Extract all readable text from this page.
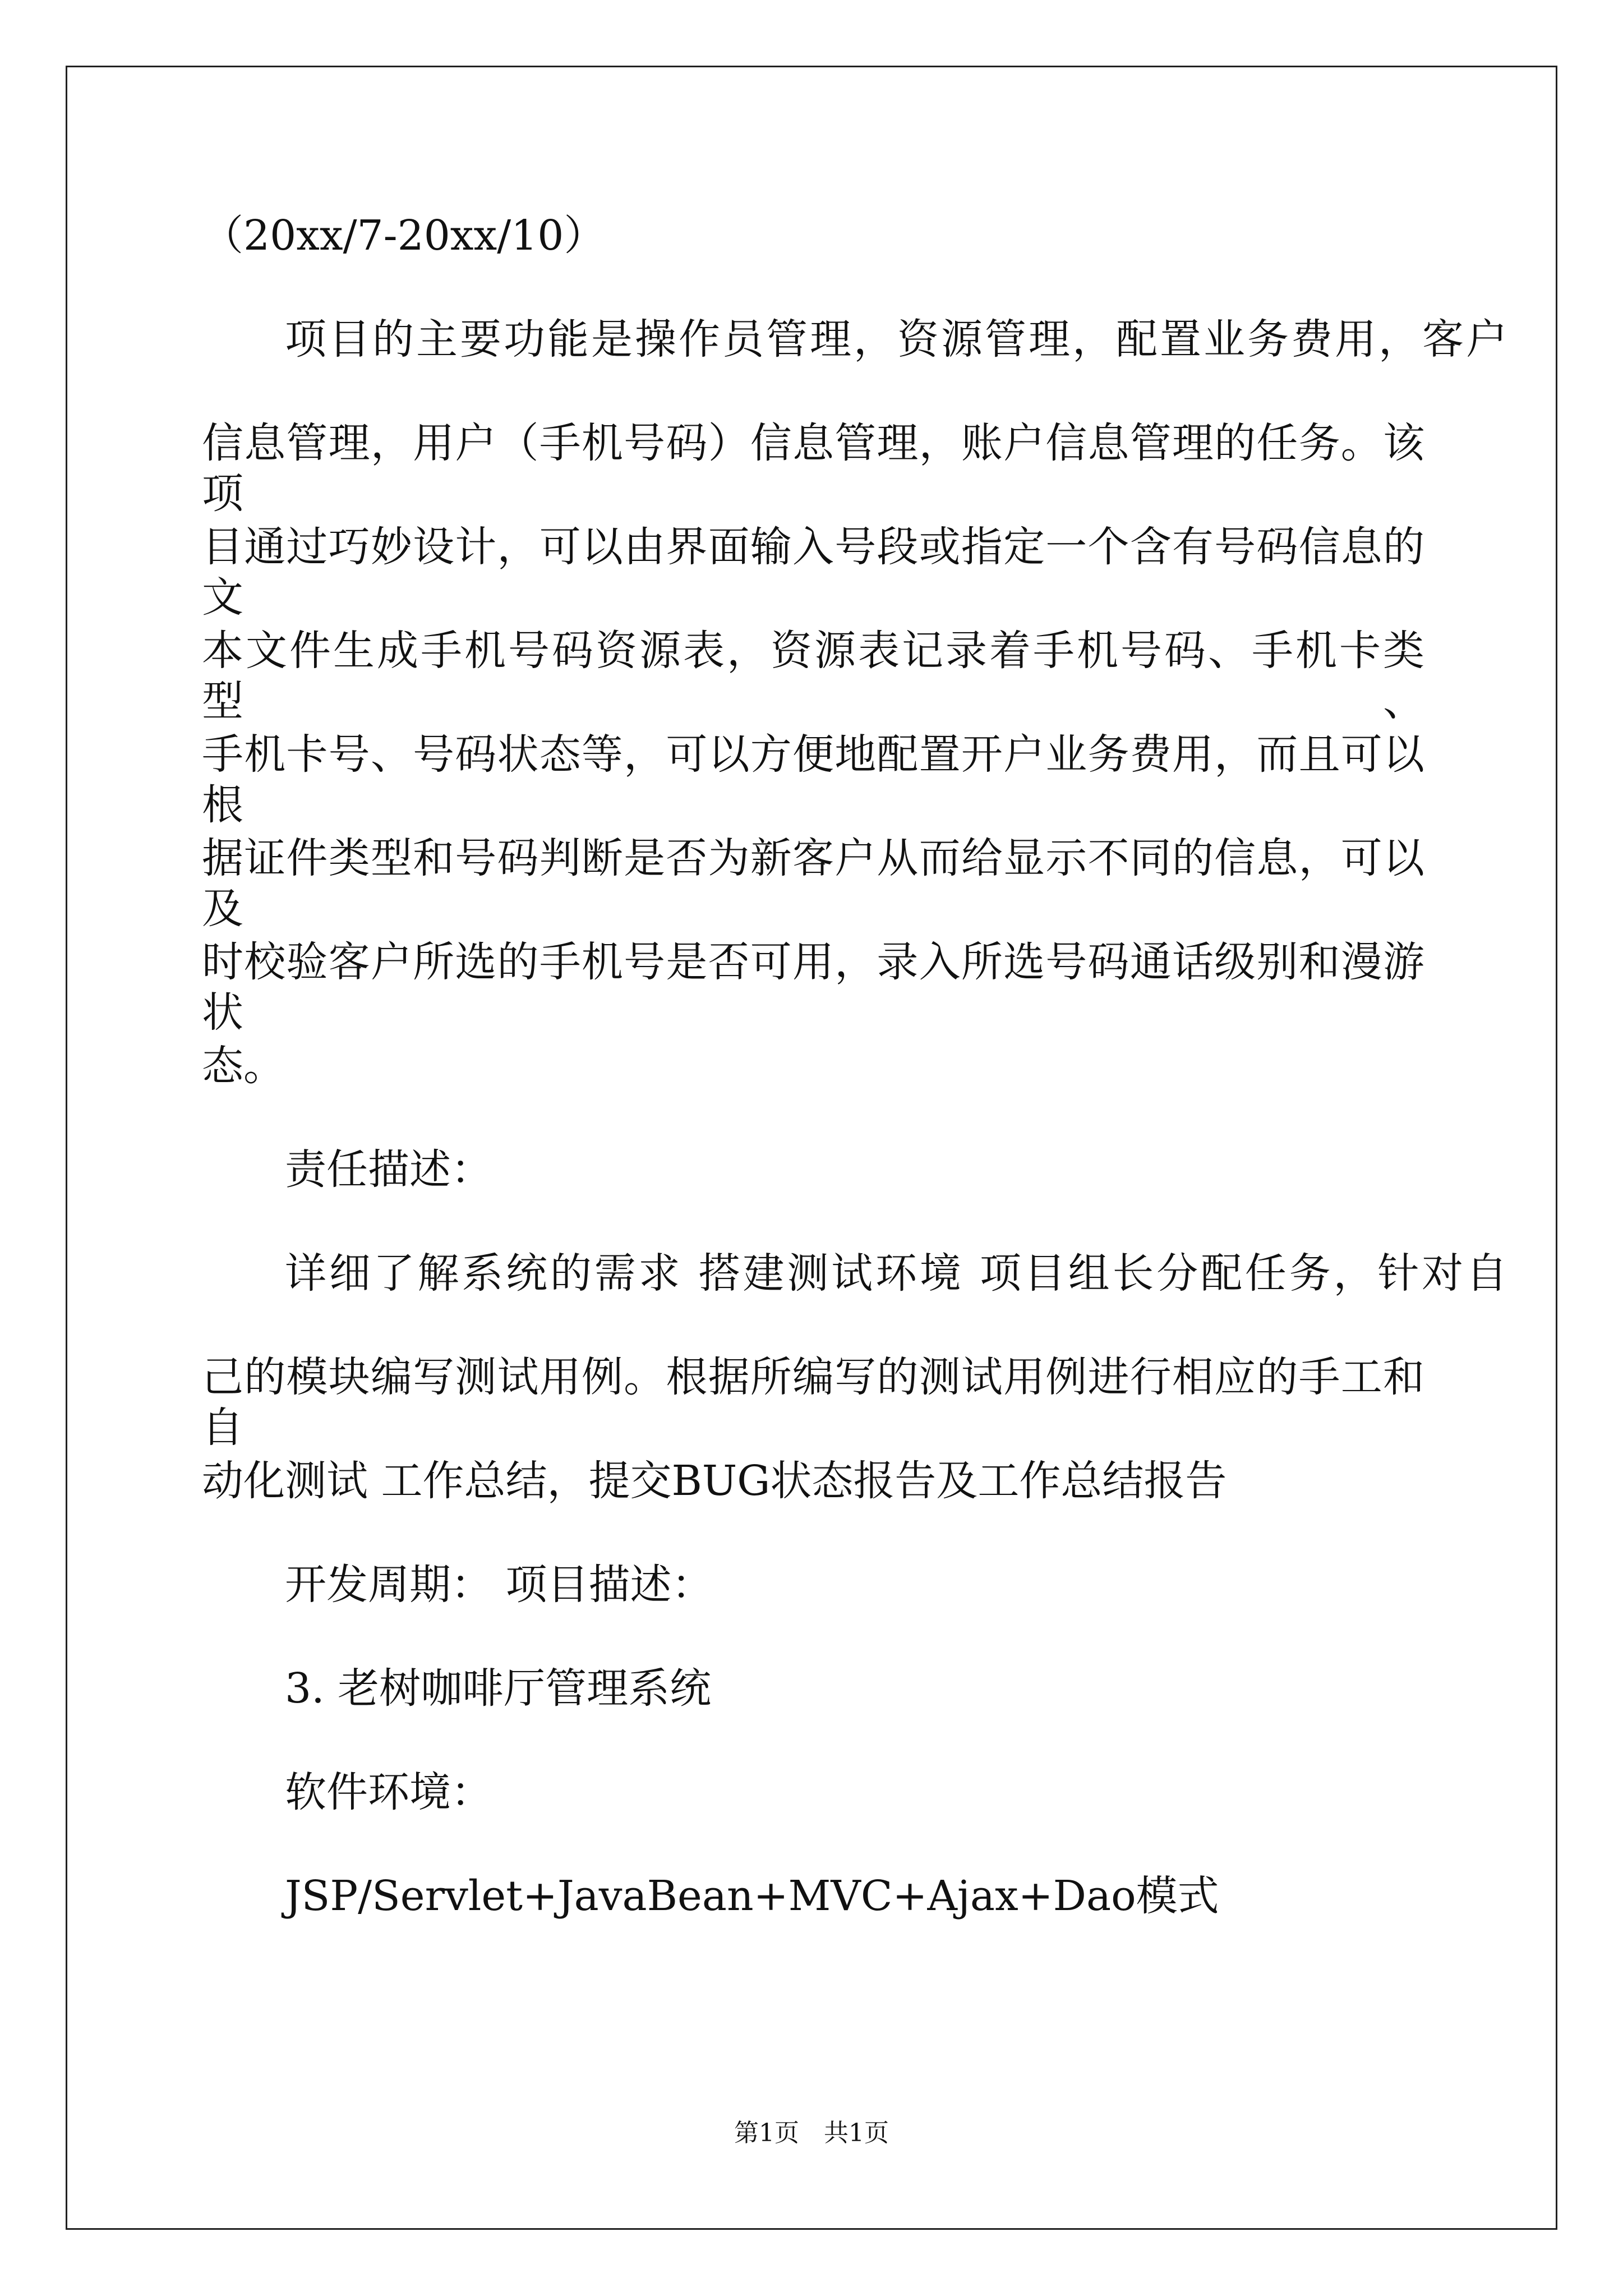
（20xx/7-20xx/10）
项目的主要功能是操作员管理，资源管理，配置业务费用，客户
信息管理，用户（手机号码）信息管理，账户信息管理的任务。该项
目通过巧妙设计，可以由界面输入号段或指定一个含有号码信息的文
本文件生成手机号码资源表，资源表记录着手机号码、手机卡类型、
手机卡号、号码状态等，可以方便地配置开户业务费用，而且可以根
据证件类型和号码判断是否为新客户从而给显示不同的信息，可以及
时校验客户所选的手机号是否可用，录入所选号码通话级别和漫游状
态。
责任描述：
详细了解系统的需求 搭建测试环境 项目组长分配任务，针对自
己的模块编写测试用例。根据所编写的测试用例进行相应的手工和自
动化测试 工作总结，提交BUG状态报告及工作总结报告
开发周期： 项目描述：
3. 老树咖啡厅管理系统
软件环境：
JSP/Servlet+JavaBean+MVC+Ajax+Dao模式
第1页　共1页
